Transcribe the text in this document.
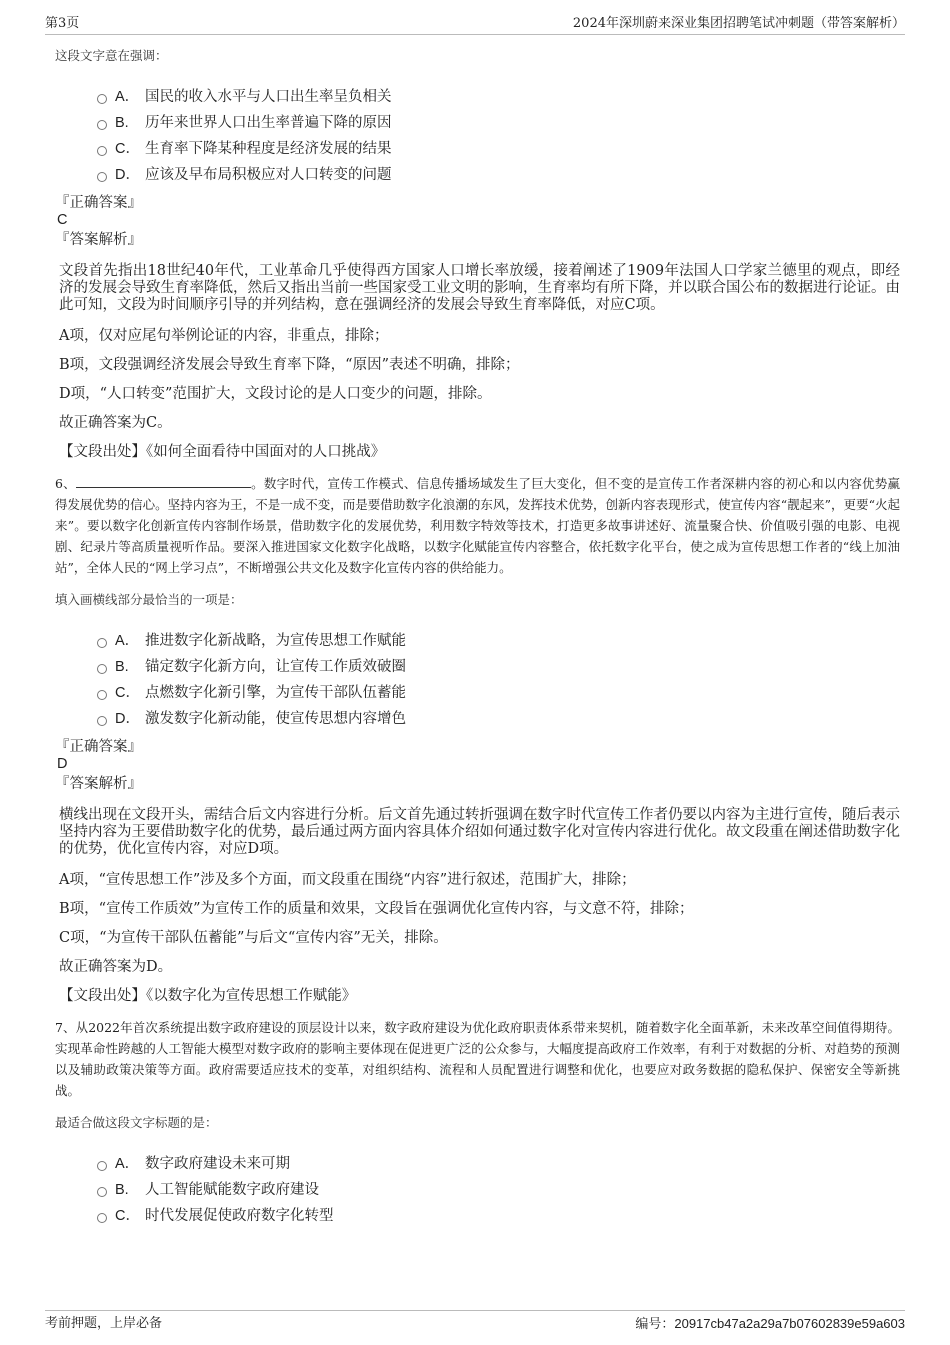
第3页	2024年深圳蔚来深业集团招聘笔试冲刺题（带答案解析）

这段文字意在强调：

A． 国民的收入水平与人口出生率呈负相关
B. 历年来世界人口出生率普遍下降的原因
C． 生育率下降某种程度是经济发展的结果
D． 应该及早布局积极应对人口转变的问题

『正确答案』

C

『答案解析』

文段首先指出18世纪40年代，工业革命几乎使得西方国家人口增长率放缓，接着阐述了1909年法国人口学家兰德里的观点，即经济的发展会导致生育率降低，然后又指出当前一些国家受工业文明的影响，生育率均有所下降，并以联合国公布的数据进行论证。由此可知，文段为时间顺序引导的并列结构，意在强调经济的发展会导致生育率降低，对应C项。

A项，仅对应尾句举例论证的内容，非重点，排除；

B项，文段强调经济发展会导致生育率下降，“原因”表述不明确，排除；

D项，“人口转变”范围扩大，文段讨论的是人口变少的问题，排除。

故正确答案为C。

【文段出处】《如何全面看待中国面对的人口挑战》

6、	。数字时代，宣传工作模式、信息传播场域发生了巨大变化，但不变的是宣传工作者深耕内容的初心和以内容优势赢得发展优势的信心。坚持内容为王，不是一成不变，而是要借助数字化浪潮的东风，发挥技术优势，创新内容表现形式，使宣传内容“靓起来”，更要“火起来”。要以数字化创新宣传内容制作场景，借助数字化的发展优势，利用数字特效等技术，打造更多故事讲述好、流量聚合快、价值吸引强的电影、电视剧、纪录片等高质量视听作品。要深入推进国家文化数字化战略，以数字化赋能宣传内容整合，依托数字化平台，使之成为宣传思想工作者的“线上加油站”，全体人民的“网上学习点”，不断增强公共文化及数字化宣传内容的供给能力。

填入画横线部分最恰当的一项是：

A． 推进数字化新战略，为宣传思想工作赋能
B. 锚定数字化新方向，让宣传工作质效破圈
C． 点燃数字化新引擎，为宣传干部队伍蓄能
D． 激发数字化新动能，使宣传思想内容增色

『正确答案』

D

『答案解析』

横线出现在文段开头，需结合后文内容进行分析。后文首先通过转折强调在数字时代宣传工作者仍要以内容为主进行宣传，随后表示坚持内容为王要借助数字化的优势，最后通过两方面内容具体介绍如何通过数字化对宣传内容进行优化。故文段重在阐述借助数字化的优势，优化宣传内容，对应D项。

A项，“宣传思想工作”涉及多个方面，而文段重在围绕“内容”进行叙述，范围扩大，排除；

B项，“宣传工作质效”为宣传工作的质量和效果，文段旨在强调优化宣传内容，与文意不符，排除；

C项，“为宣传干部队伍蓄能”与后文“宣传内容”无关，排除。

故正确答案为D。

【文段出处】《以数字化为宣传思想工作赋能》

7、从2022年首次系统提出数字政府建设的顶层设计以来，数字政府建设为优化政府职责体系带来契机，随着数字化全面革新，未来改革空间值得期待。实现革命性跨越的人工智能大模型对数字政府的影响主要体现在促进更广泛的公众参与，大幅度提高政府工作效率，有利于对数据的分析、对趋势的预测以及辅助政策决策等方面。政府需要适应技术的变革，对组织结构、流程和人员配置进行调整和优化，也要应对政务数据的隐私保护、保密安全等新挑战。

最适合做这段文字标题的是：

A． 数字政府建设未来可期
B. 人工智能赋能数字政府建设
C． 时代发展促使政府数字化转型
考前押题，上岸必备	编号：20917cb47a2a29a7b07602839e59a603
